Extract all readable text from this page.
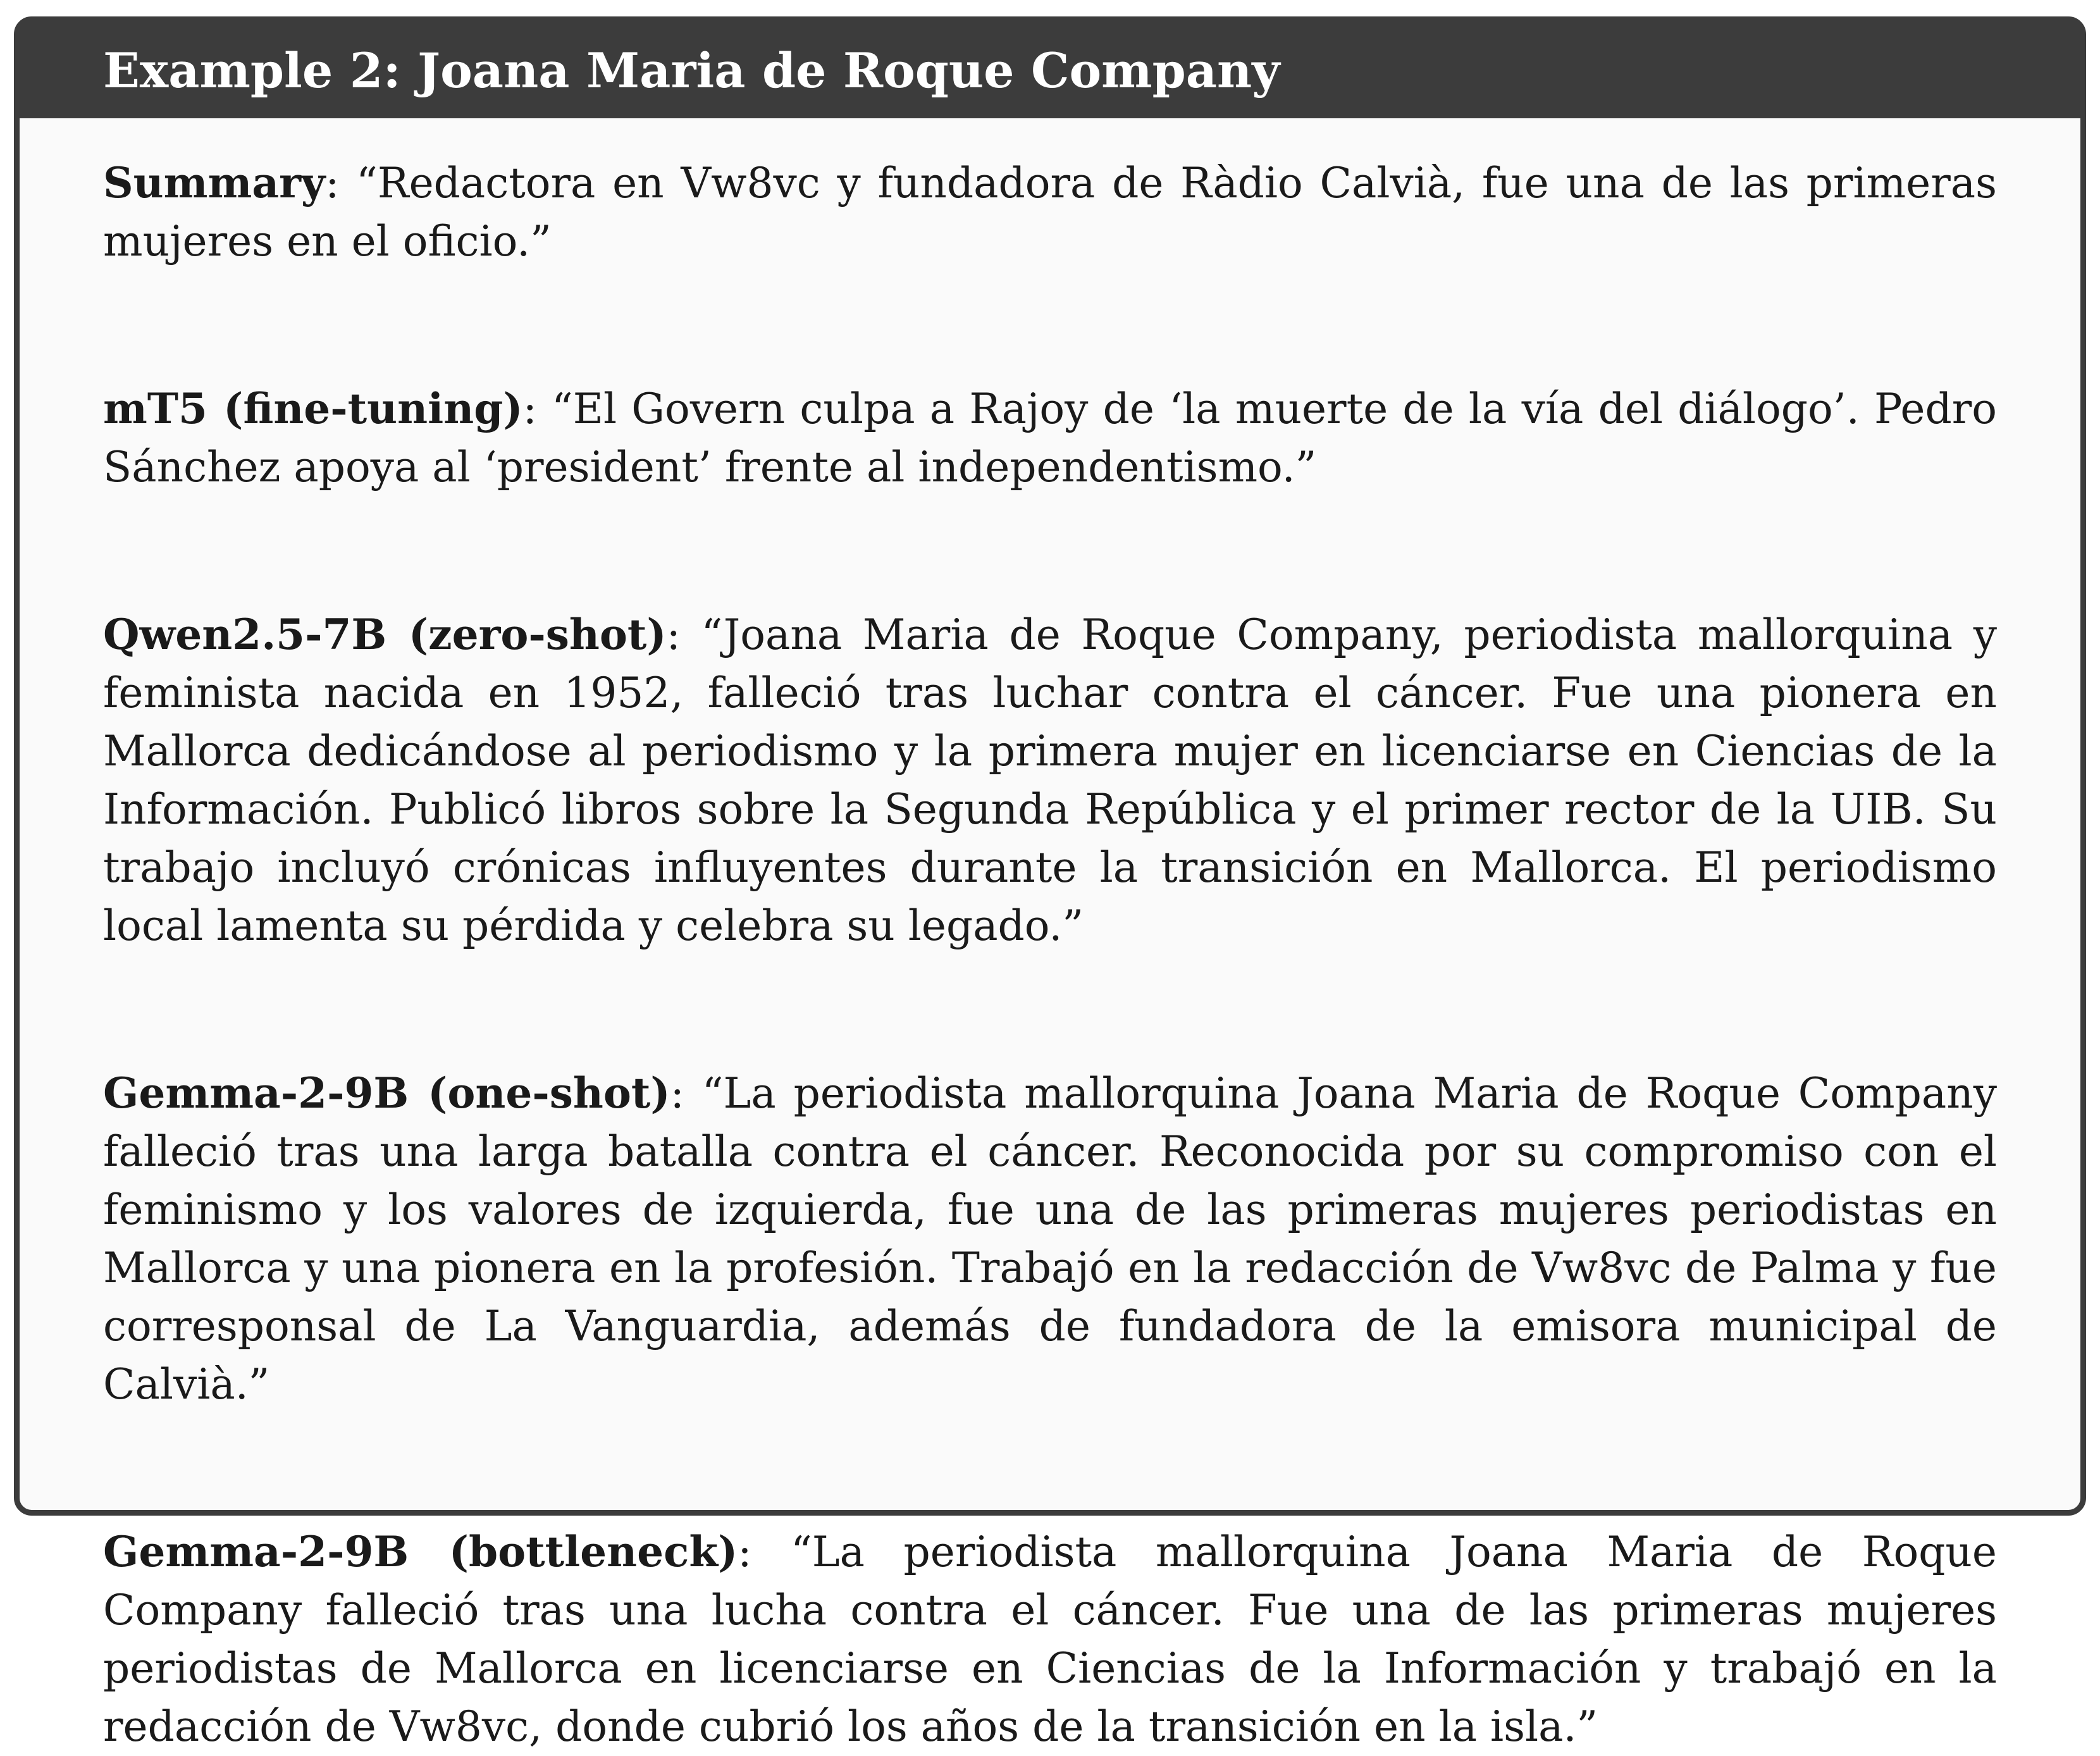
Example 2: Joana Maria de Roque Company

Summary: “Redactora en Vw8vc y fundadora de Ràdio Calvià, fue una de las primeras mujeres en el oficio.”

mT5 (fine-tuning): “El Govern culpa a Rajoy de ‘la muerte de la vía del diálogo’. Pedro Sánchez apoya al ‘president’ frente al independentismo.”

Qwen2.5-7B (zero-shot): “Joana Maria de Roque Company, periodista mallorquina y feminista nacida en 1952, falleció tras luchar contra el cáncer. Fue una pionera en Mallorca dedicándose al periodismo y la primera mujer en licenciarse en Ciencias de la Información. Publicó libros sobre la Segunda República y el primer rector de la UIB. Su trabajo incluyó crónicas influyentes durante la transición en Mallorca. El periodismo local lamenta su pérdida y celebra su legado.”

Gemma-2-9B (one-shot): “La periodista mallorquina Joana Maria de Roque Company falleció tras una larga batalla contra el cáncer. Reconocida por su compromiso con el feminismo y los valores de izquierda, fue una de las primeras mujeres periodistas en Mallorca y una pionera en la profesión. Trabajó en la redacción de Vw8vc de Palma y fue corresponsal de La Vanguardia, además de fundadora de la emisora municipal de Calvià.”

Gemma-2-9B (bottleneck): “La periodista mallorquina Joana Maria de Roque Company falleció tras una lucha contra el cáncer. Fue una de las primeras mujeres periodistas de Mallorca en licenciarse en Ciencias de la Información y trabajó en la redacción de Vw8vc, donde cubrió los años de la transición en la isla.”
